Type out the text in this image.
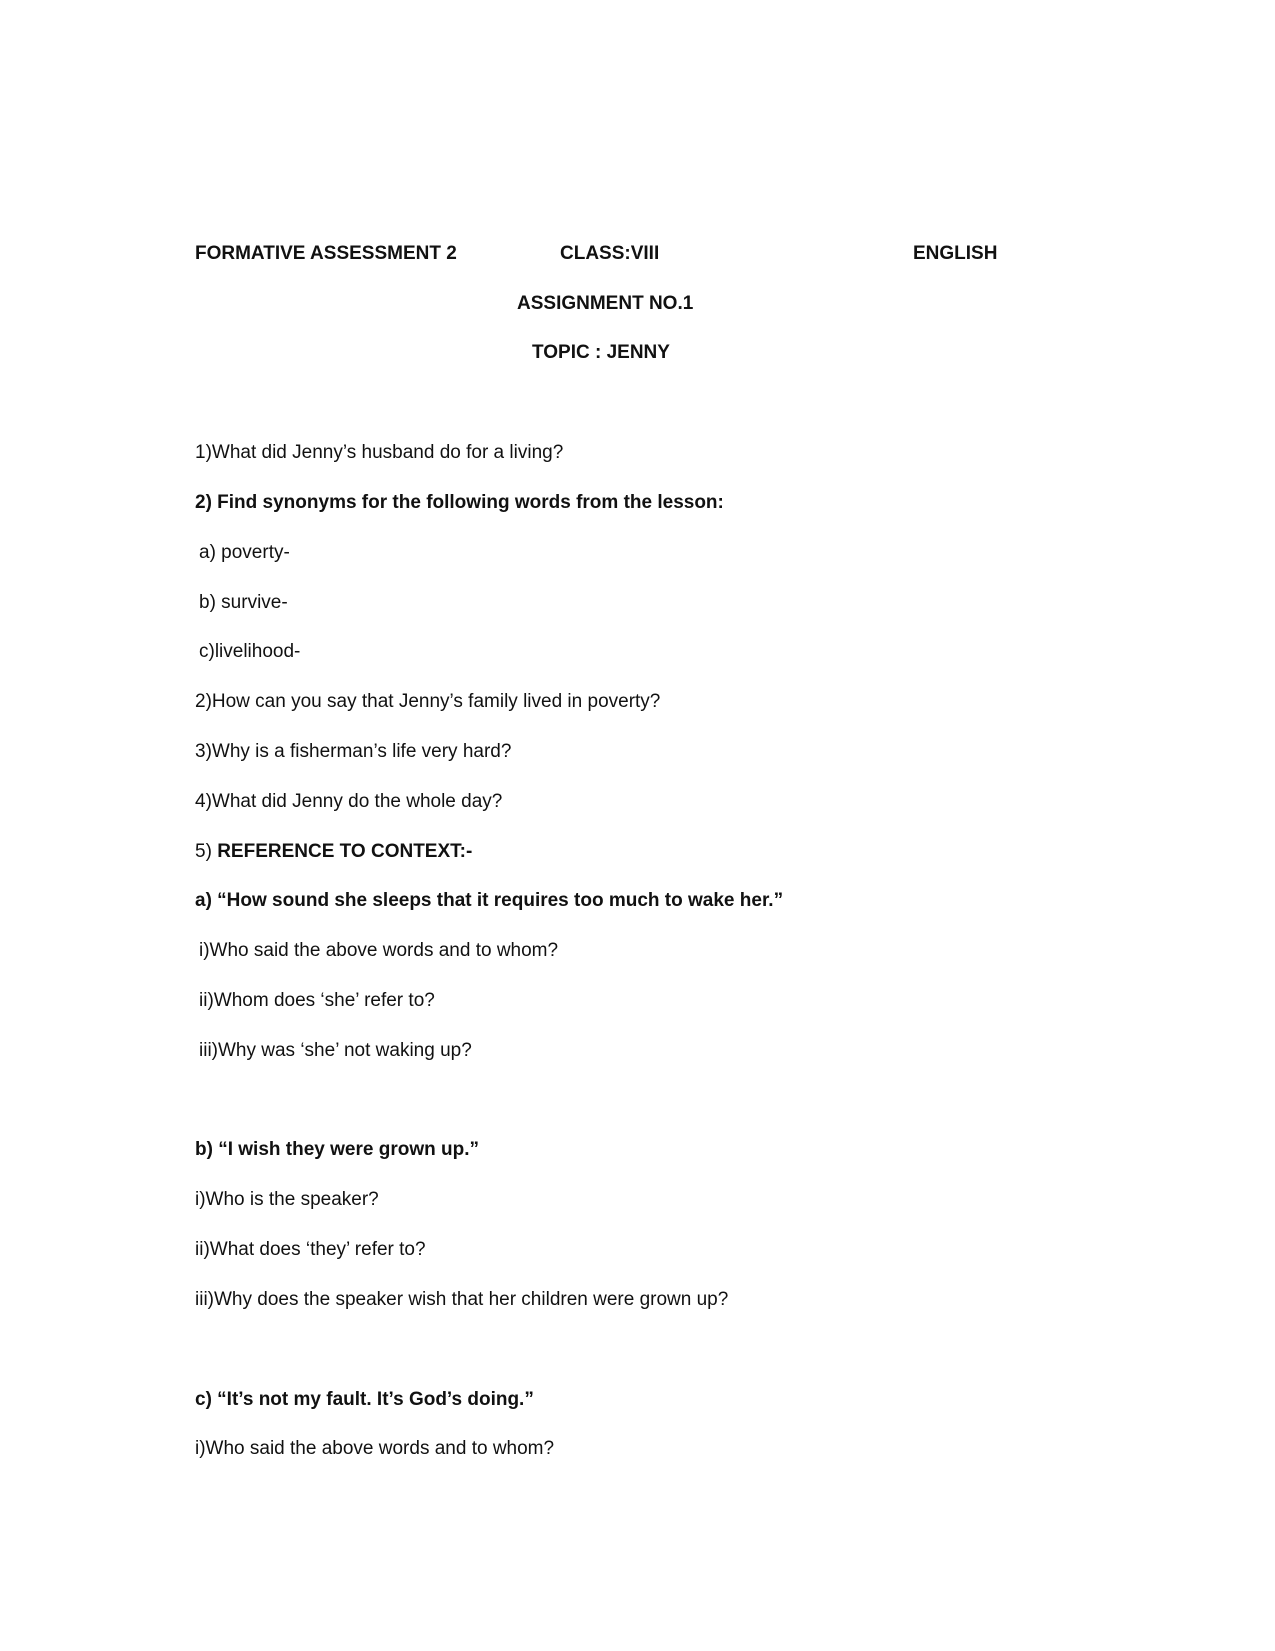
FORMATIVE ASSESSMENT 2	CLASS:VIII	ENGLISH
ASSIGNMENT NO.1
TOPIC : JENNY
1)What did Jenny’s husband do for a living?
2) Find synonyms for the following words from the lesson:
a) poverty-
b) survive-
c)livelihood-
2)How can you say that Jenny’s family lived in poverty?
3)Why is a fisherman’s life very hard?
4)What did Jenny do the whole day?
5) REFERENCE TO CONTEXT:-
a) “How sound she sleeps that it requires too much to wake her.”
i)Who said the above words and to whom?
ii)Whom does ‘she’ refer to?
iii)Why was ‘she’ not waking up?
b) “I wish they were grown up.”
i)Who is the speaker?
ii)What does ‘they’ refer to?
iii)Why does the speaker wish that her children were grown up?
c) “It’s not my fault. It’s God’s doing.”
i)Who said the above words and to whom?
